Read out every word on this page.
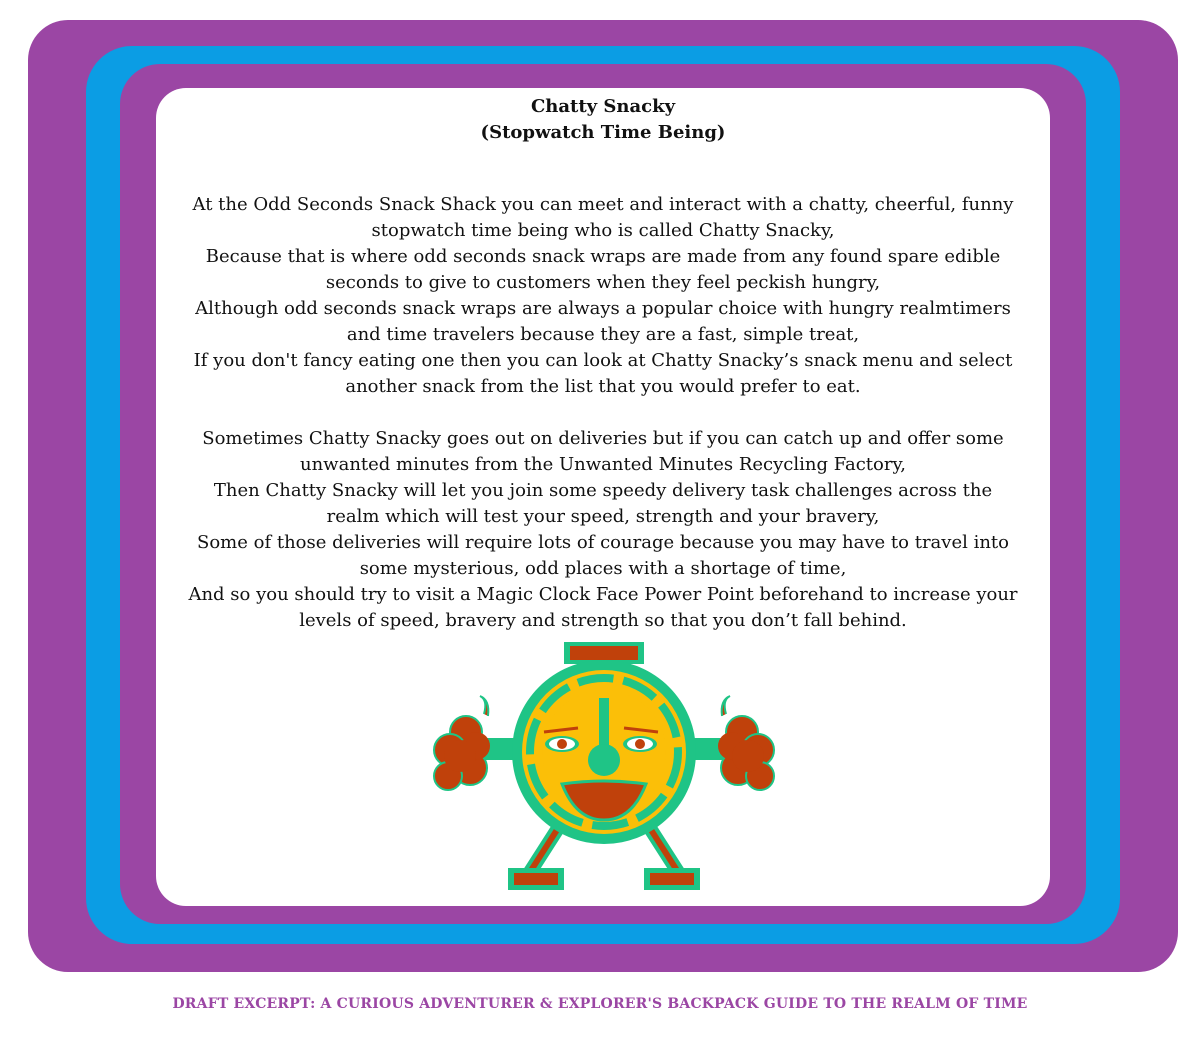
Chatty Snacky

(Stopwatch Time Being)

At the Odd Seconds Snack Shack you can meet and interact with a chatty, cheerful, funny stopwatch time being who is called Chatty Snacky,

Because that is where odd seconds snack wraps are made from any found spare edible seconds to give to customers when they feel peckish hungry,

Although odd seconds snack wraps are always a popular choice with hungry realmtimers and time travelers because they are a fast, simple treat,

If you don't fancy eating one then you can look at Chatty Snacky’s snack menu and select another snack from the list that you would prefer to eat.

Sometimes Chatty Snacky goes out on deliveries but if you can catch up and offer some unwanted minutes from the Unwanted Minutes Recycling Factory,

Then Chatty Snacky will let you join some speedy delivery task challenges across the realm which will test your speed, strength and your bravery,

Some of those deliveries will require lots of courage because you may have to travel into some mysterious, odd places with a shortage of time,

And so you should try to visit a Magic Clock Face Power Point beforehand to increase your levels of speed, bravery and strength so that you don’t fall behind.

DRAFT EXCERPT: A CURIOUS ADVENTURER & EXPLORER'S BACKPACK GUIDE TO THE REALM OF TIME
